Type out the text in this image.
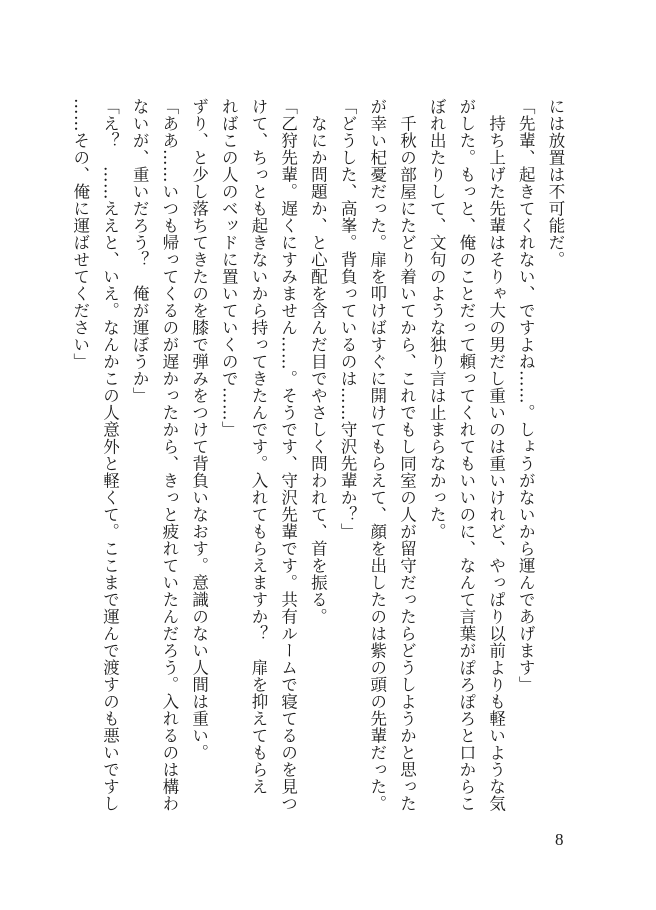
には放置は不可能だ。
「先輩、起きてくれない、ですよね……。しょうがないから運んであげます」
　持ち上げた先輩はそりゃ大の男だし重いのは重いけれど、やっぱり以前よりも軽いような気
がした。もっと、俺のことだって頼ってくれてもいいのに、なんて言葉がぽろぽろと口からこ
ぼれ出たりして、文句のような独り言は止まらなかった。
　千秋の部屋にたどり着いてから、これでもし同室の人が留守だったらどうしようかと思った
が幸い杞憂だった。扉を叩けばすぐに開けてもらえて、顔を出したのは紫の頭の先輩だった。
「どうした、高峯。背負っているのは……守沢先輩か？」
　なにか問題か、と心配を含んだ目でやさしく問われて、首を振る。
「乙狩先輩。遅くにすみません……。そうです、守沢先輩です。共有ルームで寝てるのを見つ
けて、ちっとも起きないから持ってきたんです。入れてもらえますか？　扉を抑えてもらえ
ればこの人のベッドに置いていくので……」
ずり、と少し落ちてきたのを膝で弾みをつけて背負いなおす。意識のない人間は重い。
「ああ……いつも帰ってくるのが遅かったから、きっと疲れていたんだろう。入れるのは構わ
ないが、重いだろう？　俺が運ぼうか」
「え？　……ええと、いえ。なんかこの人意外と軽くて。ここまで運んで渡すのも悪いですし
……その、俺に運ばせてください」
8
